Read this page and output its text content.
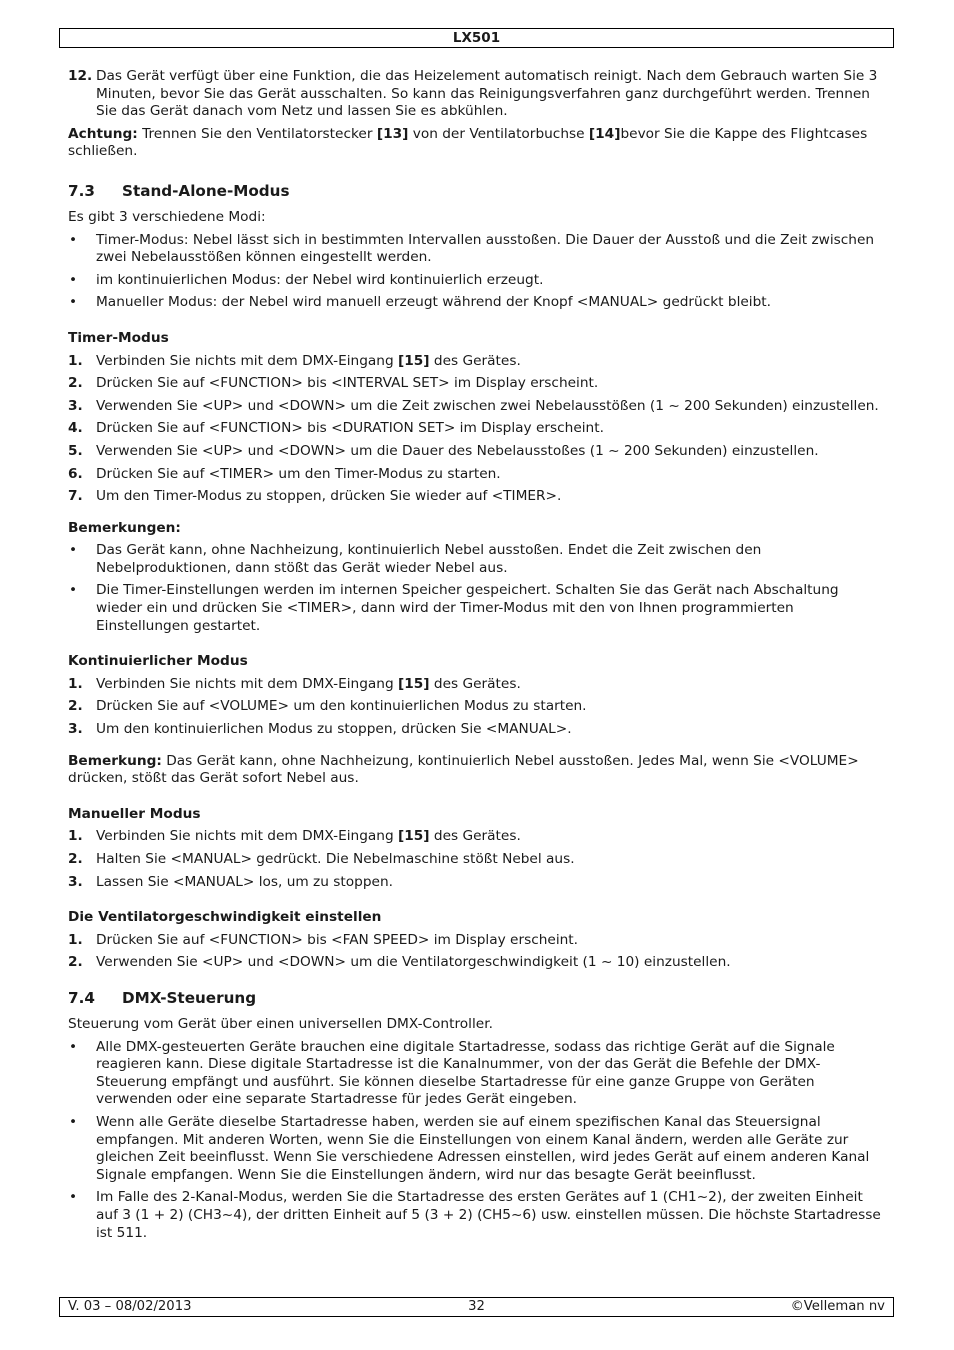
LX501
12. Das Gerät verfügt über eine Funktion, die das Heizelement automatisch reinigt. Nach dem Gebrauch warten Sie 3 Minuten, bevor Sie das Gerät ausschalten. So kann das Reinigungsverfahren ganz durchgeführt werden. Trennen Sie das Gerät danach vom Netz und lassen Sie es abkühlen.

Achtung: Trennen Sie den Ventilatorstecker [13] von der Ventilatorbuchse [14]bevor Sie die Kappe des Flightcases schließen.

7.3 Stand-Alone-Modus

Es gibt 3 verschiedene Modi:

• Timer-Modus: Nebel lässt sich in bestimmten Intervallen ausstoßen. Die Dauer der Ausstoß und die Zeit zwischen zwei Nebelausstößen können eingestellt werden.
• im kontinuierlichen Modus: der Nebel wird kontinuierlich erzeugt.
• Manueller Modus: der Nebel wird manuell erzeugt während der Knopf <MANUAL> gedrückt bleibt.
Timer-Modus
1. Verbinden Sie nichts mit dem DMX-Eingang [15] des Gerätes.
2. Drücken Sie auf <FUNCTION> bis <INTERVAL SET> im Display erscheint.
3. Verwenden Sie <UP> und <DOWN> um die Zeit zwischen zwei Nebelausstößen (1 ~ 200 Sekunden) einzustellen.
4. Drücken Sie auf <FUNCTION> bis <DURATION SET> im Display erscheint.
5. Verwenden Sie <UP> und <DOWN> um die Dauer des Nebelausstoßes (1 ~ 200 Sekunden) einzustellen.
6. Drücken Sie auf <TIMER> um den Timer-Modus zu starten.
7. Um den Timer-Modus zu stoppen, drücken Sie wieder auf <TIMER>.
Bemerkungen:
• Das Gerät kann, ohne Nachheizung, kontinuierlich Nebel ausstoßen. Endet die Zeit zwischen den Nebelproduktionen, dann stößt das Gerät wieder Nebel aus.
• Die Timer-Einstellungen werden im internen Speicher gespeichert. Schalten Sie das Gerät nach Abschaltung wieder ein und drücken Sie <TIMER>, dann wird der Timer-Modus mit den von Ihnen programmierten Einstellungen gestartet.
Kontinuierlicher Modus
1. Verbinden Sie nichts mit dem DMX-Eingang [15] des Gerätes.
2. Drücken Sie auf <VOLUME> um den kontinuierlichen Modus zu starten.
3. Um den kontinuierlichen Modus zu stoppen, drücken Sie <MANUAL>.

Bemerkung: Das Gerät kann, ohne Nachheizung, kontinuierlich Nebel ausstoßen. Jedes Mal, wenn Sie <VOLUME> drücken, stößt das Gerät sofort Nebel aus.

Manueller Modus
1. Verbinden Sie nichts mit dem DMX-Eingang [15] des Gerätes.
2. Halten Sie <MANUAL> gedrückt. Die Nebelmaschine stößt Nebel aus.
3. Lassen Sie <MANUAL> los, um zu stoppen.
Die Ventilatorgeschwindigkeit einstellen
1. Drücken Sie auf <FUNCTION> bis <FAN SPEED> im Display erscheint.
2. Verwenden Sie <UP> und <DOWN> um die Ventilatorgeschwindigkeit (1 ~ 10) einzustellen.
7.4 DMX-Steuerung

Steuerung vom Gerät über einen universellen DMX-Controller.

• Alle DMX-gesteuerten Geräte brauchen eine digitale Startadresse, sodass das richtige Gerät auf die Signale reagieren kann. Diese digitale Startadresse ist die Kanalnummer, von der das Gerät die Befehle der DMX-Steuerung empfängt und ausführt. Sie können dieselbe Startadresse für eine ganze Gruppe von Geräten verwenden oder eine separate Startadresse für jedes Gerät eingeben.
• Wenn alle Geräte dieselbe Startadresse haben, werden sie auf einem spezifischen Kanal das Steuersignal empfangen. Mit anderen Worten, wenn Sie die Einstellungen von einem Kanal ändern, werden alle Geräte zur gleichen Zeit beeinflusst. Wenn Sie verschiedene Adressen einstellen, wird jedes Gerät auf einem anderen Kanal Signale empfangen. Wenn Sie die Einstellungen ändern, wird nur das besagte Gerät beeinflusst.
• Im Falle des 2-Kanal-Modus, werden Sie die Startadresse des ersten Gerätes auf 1 (CH1~2), der zweiten Einheit auf 3 (1 + 2) (CH3~4), der dritten Einheit auf 5 (3 + 2) (CH5~6) usw. einstellen müssen. Die höchste Startadresse ist 511.
V. 03 – 08/02/2013	32	©Velleman nv
